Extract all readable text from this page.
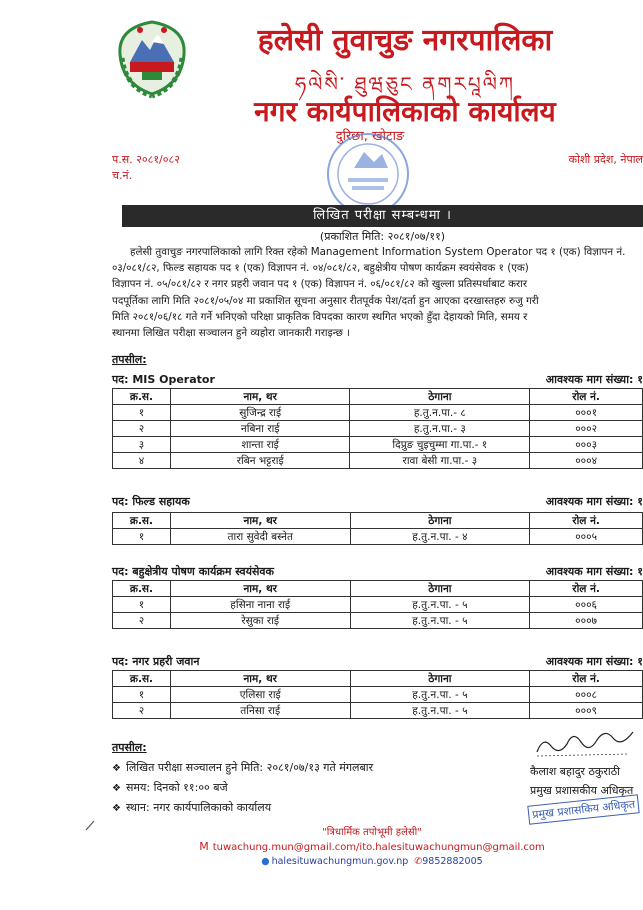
हलेसी तुवाचुङ नगरपालिका
ཧལེསི་ ཐུཝཅུང ནགརཔཱལིཀ
नगर कार्यपालिकाको कार्यालय
दुरिछा, खोटाङ
प.स. २०८१/०८२
च.नं.
कोशी प्रदेश, नेपाल
लिखित परीक्षा सम्बन्धमा ।
(प्रकाशित मिति: २०८१/०७/११)
हलेसी तुवाचुङ नगरपालिकाको लागि रिक्त रहेको Management Information System Operator पद १ (एक) विज्ञापन नं.
०३/०८१/८२, फिल्ड सहायक पद १ (एक) विज्ञापन नं. ०४/०८१/८२, बहुक्षेत्रीय पोषण कार्यक्रम स्वयंसेवक १ (एक)
विज्ञापन नं. ०५/०८१/८२ र नगर प्रहरी जवान पद १ (एक) विज्ञापन नं. ०६/०८१/८२ को खुल्ला प्रतिस्पर्धाबाट करार
पदपूर्तिका लागि मिति २०८१/०५/०४ मा प्रकाशित सूचना अनुसार रीतपूर्वक पेश/दर्ता हुन आएका दरखास्तहरु रुजु गरी
मिति २०८१/०६/१८ गते गर्ने भनिएको परिक्षा प्राकृतिक विपदका कारण स्थगित भएको हुँदा देहायको मिति, समय र
स्थानमा लिखित परीक्षा सञ्चालन हुने व्यहोरा जानकारी गराइन्छ ।
तपसील:
पद: MIS Operator	आवश्यक माग संख्या: १
क्र.स.	नाम, थर	ठेगाना	रोल नं.
१	सुजिन्द्र राई	ह.तु.न.पा.- ८	०००१
२	नबिना राई	ह.तु.न.पा.- ३	०००२
३	शान्ता राई	दिप्रुङ चुइचुम्मा गा.पा.- १	०००३
४	रबिन भट्टराई	रावा बेसी गा.पा.- ३	०००४
पद: फिल्ड सहायक	आवश्यक माग संख्या: १
क्र.स.	नाम, थर	ठेगाना	रोल नं.
१	तारा सुवेदी बस्नेत	ह.तु.न.पा. - ४	०००५
पद: बहुक्षेत्रीय पोषण कार्यक्रम स्वयंसेवक	आवश्यक माग संख्या: १
क्र.स.	नाम, थर	ठेगाना	रोल नं.
१	हसिना नाना राई	ह.तु.न.पा. - ५	०००६
२	रेसुका राई	ह.तु.न.पा. - ५	०००७
पद: नगर प्रहरी जवान	आवश्यक माग संख्या: १
क्र.स.	नाम, थर	ठेगाना	रोल नं.
१	एलिसा राई	ह.तु.न.पा. - ५	०००८
२	तनिसा राई	ह.तु.न.पा. - ५	०००९
तपसील:
❖ लिखित परीक्षा सञ्चालन हुने मिति: २०८१/०७/१३ गते मंगलबार
❖ समय: दिनको ११:०० बजे
❖ स्थान: नगर कार्यपालिकाको कार्यालय
कैलाश बहादुर ठकुराठी
प्रमुख प्रशासकीय अधिकृत
प्रमुख प्रशासकिय अधिकृत
"त्रिधार्मिक तपोभूमी हलेसी"
M tuwachung.mun@gmail.com/ito.halesituwachungmun@gmail.com
● halesituwachungmun.gov.np ✆9852882005
